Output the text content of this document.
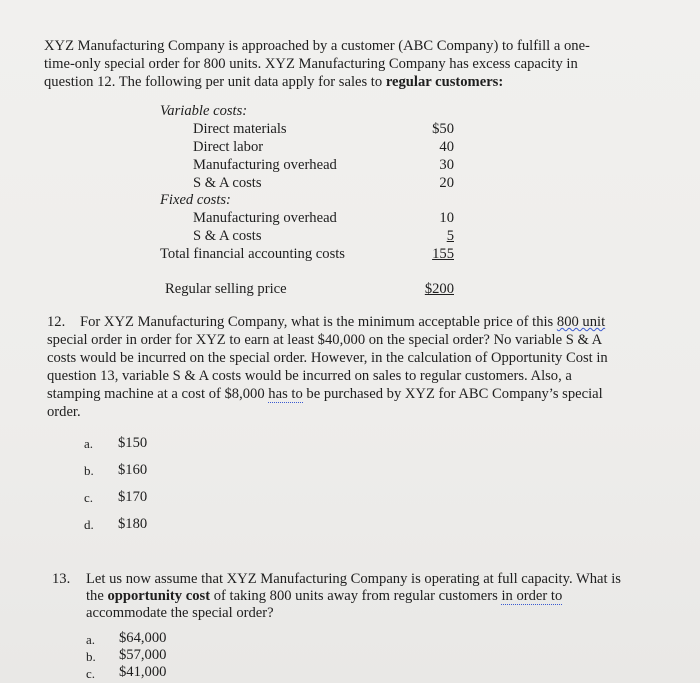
XYZ Manufacturing Company is approached by a customer (ABC Company) to fulfill a one-
time-only special order for 800 units. XYZ Manufacturing Company has excess capacity in
question 12. The following per unit data apply for sales to regular customers:
Variable costs:
Direct materials	$50
Direct labor	40
Manufacturing overhead	30
S & A costs	20
Fixed costs:
Manufacturing overhead	10
S & A costs	5
Total financial accounting costs	155
Regular selling price	$200
12. For XYZ Manufacturing Company, what is the minimum acceptable price of this 800 unit
special order in order for XYZ to earn at least $40,000 on the special order? No variable S & A
costs would be incurred on the special order. However, in the calculation of Opportunity Cost in
question 13, variable S & A costs would be incurred on sales to regular customers. Also, a
stamping machine at a cost of $8,000 has to be purchased by XYZ for ABC Company’s special
order.
a. $150
b. $160
c. $170
d. $180
13. Let us now assume that XYZ Manufacturing Company is operating at full capacity. What is
the opportunity cost of taking 800 units away from regular customers in order to
accommodate the special order?
a. $64,000
b. $57,000
c. $41,000
